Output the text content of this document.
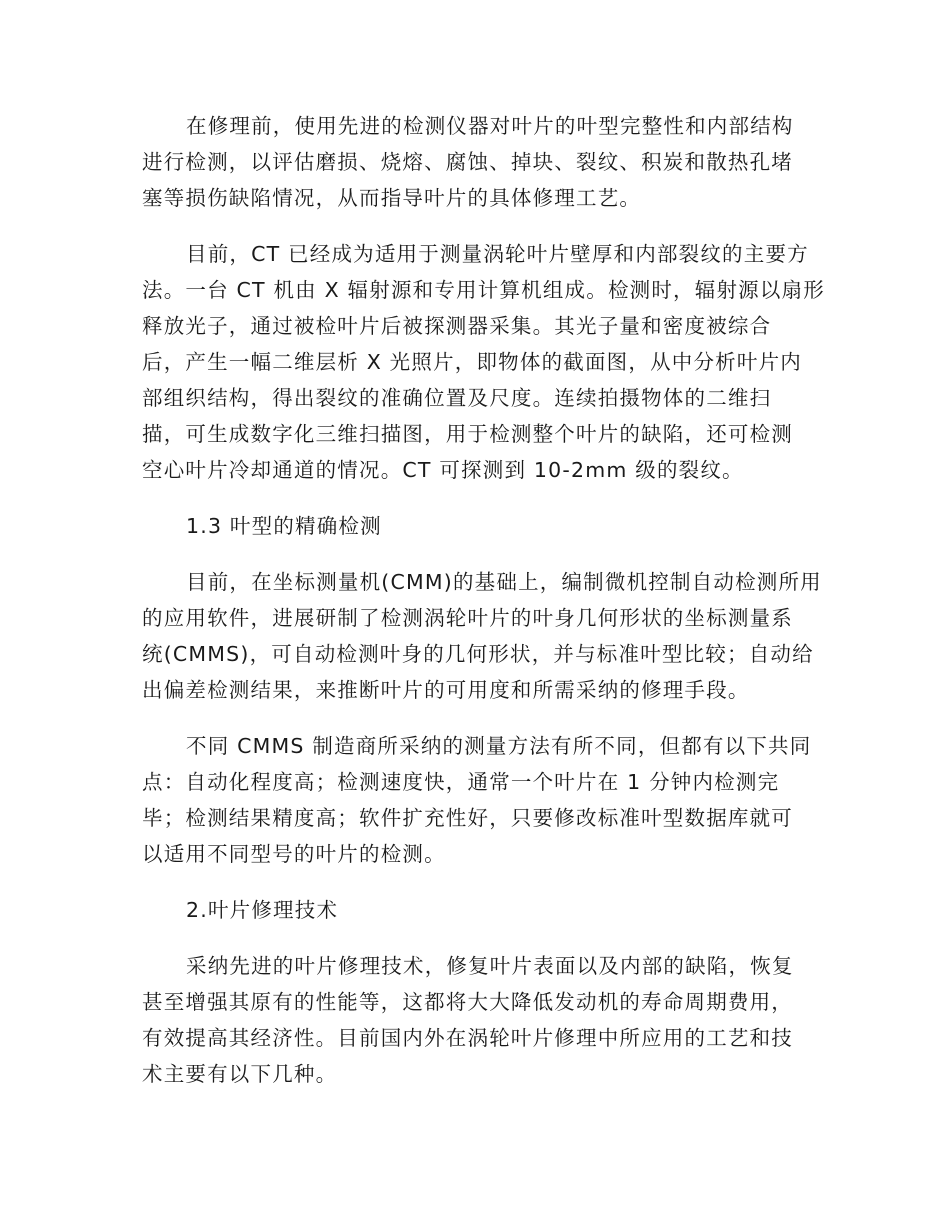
在修理前，使用先进的检测仪器对叶片的叶型完整性和内部结构
进行检测，以评估磨损、烧熔、腐蚀、掉块、裂纹、积炭和散热孔堵
塞等损伤缺陷情况，从而指导叶片的具体修理工艺。

目前，CT 已经成为适用于测量涡轮叶片壁厚和内部裂纹的主要方
法。一台 CT 机由 X 辐射源和专用计算机组成。检测时，辐射源以扇形
释放光子，通过被检叶片后被探测器采集。其光子量和密度被综合
后，产生一幅二维层析 X 光照片，即物体的截面图，从中分析叶片内
部组织结构，得出裂纹的准确位置及尺度。连续拍摄物体的二维扫
描，可生成数字化三维扫描图，用于检测整个叶片的缺陷，还可检测
空心叶片冷却通道的情况。CT 可探测到 10-2mm 级的裂纹。

1.3 叶型的精确检测

目前，在坐标测量机(CMM)的基础上，编制微机控制自动检测所用
的应用软件，进展研制了检测涡轮叶片的叶身几何形状的坐标测量系
统(CMMS)，可自动检测叶身的几何形状，并与标准叶型比较；自动给
出偏差检测结果，来推断叶片的可用度和所需采纳的修理手段。

不同 CMMS 制造商所采纳的测量方法有所不同，但都有以下共同
点：自动化程度高；检测速度快，通常一个叶片在 1 分钟内检测完
毕；检测结果精度高；软件扩充性好，只要修改标准叶型数据库就可
以适用不同型号的叶片的检测。

2.叶片修理技术

采纳先进的叶片修理技术，修复叶片表面以及内部的缺陷，恢复
甚至增强其原有的性能等，这都将大大降低发动机的寿命周期费用，
有效提高其经济性。目前国内外在涡轮叶片修理中所应用的工艺和技
术主要有以下几种。
